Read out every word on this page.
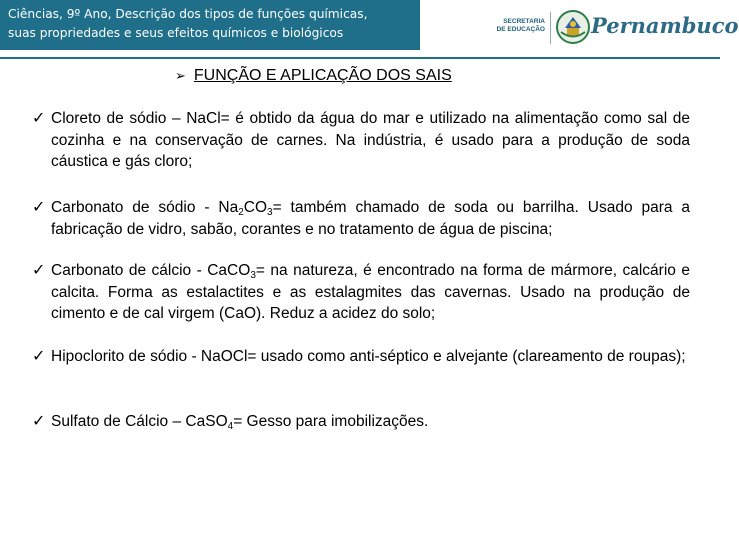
Ciências, 9º Ano, Descrição dos tipos de funções químicas,
suas propriedades e seus efeitos químicos e biológicos
SECRETARIA
DE EDUCAÇÃO Pernambuco
➢ FUNÇÃO E APLICAÇÃO DOS SAIS
✓ Cloreto de sódio – NaCl= é obtido da água do mar e utilizado na alimentação como sal de cozinha e na conservação de carnes. Na indústria, é usado para a produção de soda cáustica e gás cloro;
✓ Carbonato de sódio - $Na_2CO_3=$ também chamado de soda ou barrilha. Usado para a fabricação de vidro, sabão, corantes e no tratamento de água de piscina;
✓ Carbonato de cálcio - CaCO$_3$= na natureza, é encontrado na forma de mármore, calcário e calcita. Forma as estalactites e as estalagmites das cavernas. Usado na produção de cimento e de cal virgem (CaO). Reduz a acidez do solo;
✓ Hipoclorito de sódio - NaOCl= usado como anti-séptico e alvejante (clareamento de roupas);
✓ Sulfato de Cálcio – CaSO$_4$= Gesso para imobilizações.
